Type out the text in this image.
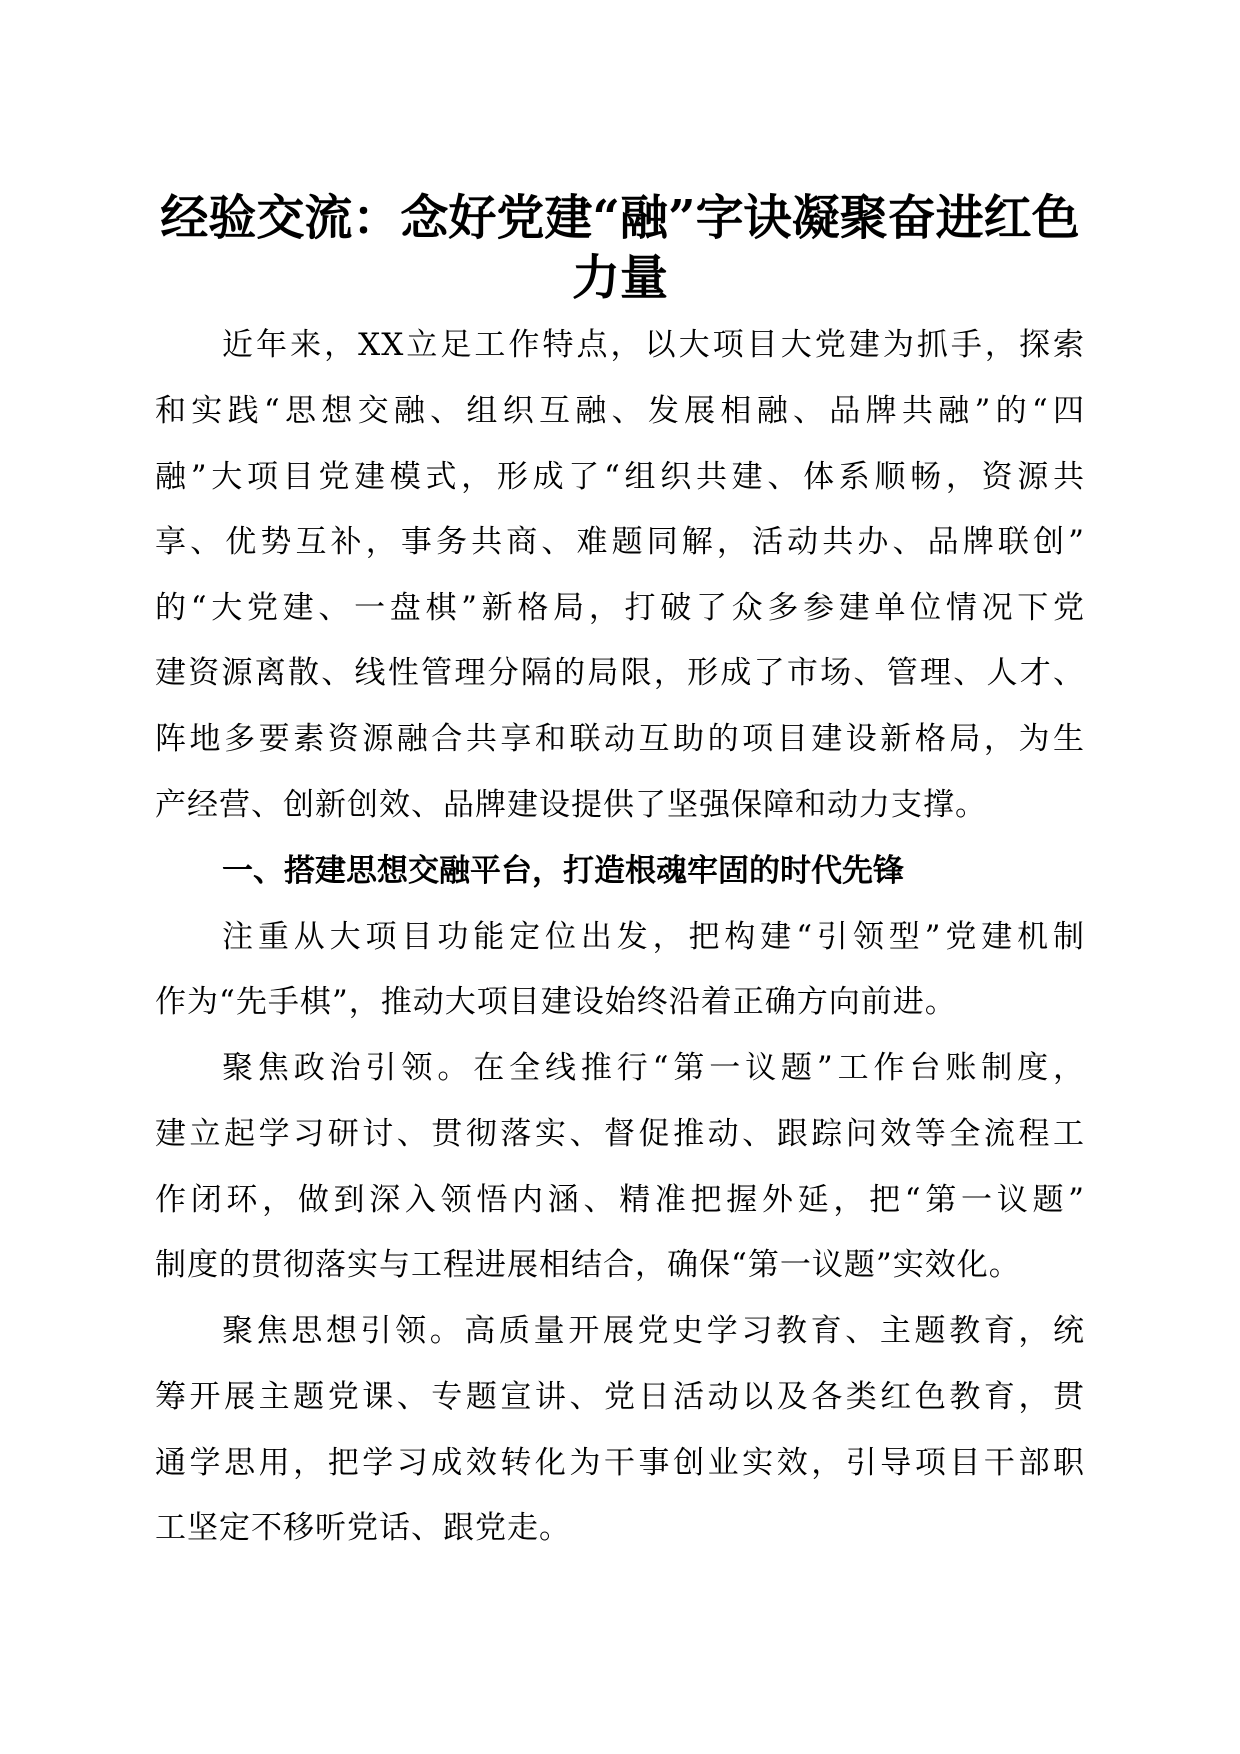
经验交流：念好党建“融”字诀凝聚奋进红色
力量
近年来，XX立足工作特点，以大项目大党建为抓手，探索
和实践“思想交融、组织互融、发展相融、品牌共融”的“四
融”大项目党建模式，形成了“组织共建、体系顺畅，资源共
享、优势互补，事务共商、难题同解，活动共办、品牌联创”
的“大党建、一盘棋”新格局，打破了众多参建单位情况下党
建资源离散、线性管理分隔的局限，形成了市场、管理、人才、
阵地多要素资源融合共享和联动互助的项目建设新格局，为生
产经营、创新创效、品牌建设提供了坚强保障和动力支撑。
一、搭建思想交融平台，打造根魂牢固的时代先锋
注重从大项目功能定位出发，把构建“引领型”党建机制
作为“先手棋”，推动大项目建设始终沿着正确方向前进。
聚焦政治引领。在全线推行“第一议题”工作台账制度，
建立起学习研讨、贯彻落实、督促推动、跟踪问效等全流程工
作闭环，做到深入领悟内涵、精准把握外延，把“第一议题”
制度的贯彻落实与工程进展相结合，确保“第一议题”实效化。
聚焦思想引领。高质量开展党史学习教育、主题教育，统
筹开展主题党课、专题宣讲、党日活动以及各类红色教育，贯
通学思用，把学习成效转化为干事创业实效，引导项目干部职
工坚定不移听党话、跟党走。
